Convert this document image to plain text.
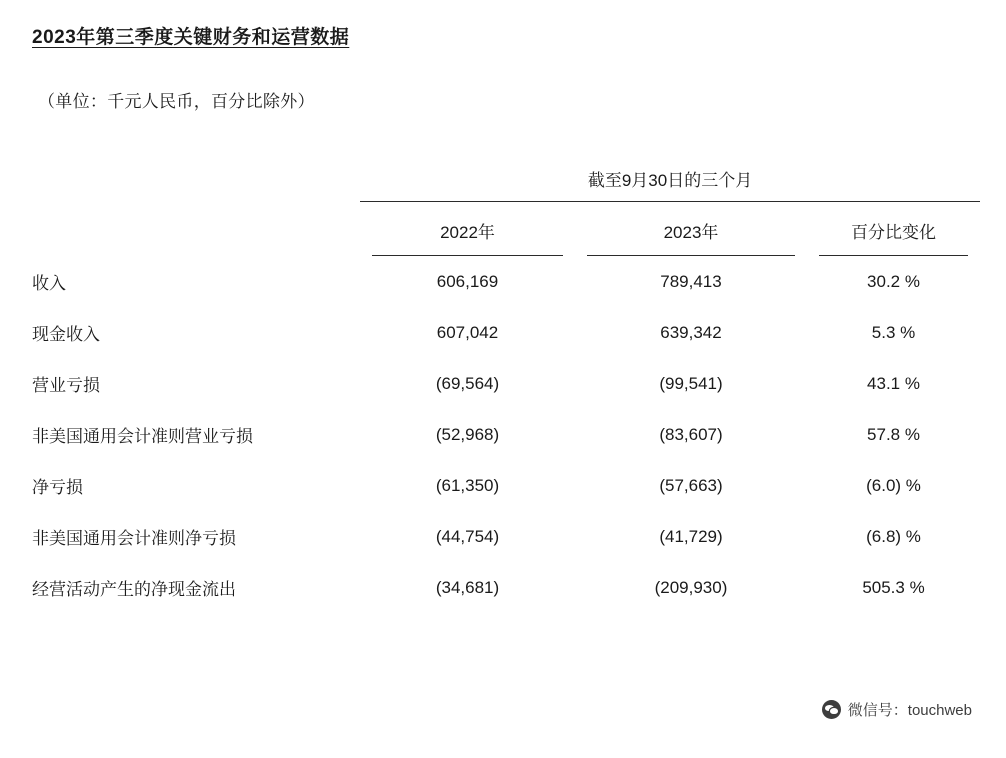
2023年第三季度关键财务和运营数据
（单位：千元人民币，百分比除外）
	截至9月30日的三个月		

	2022年	2023年	百分比变化

收入	606,169	789,413	30.2 %
现金收入	607,042	639,342	5.3 %
营业亏损	(69,564)	(99,541)	43.1 %
非美国通用会计准则营业亏损	(52,968)	(83,607)	57.8 %
净亏损	(61,350)	(57,663)	(6.0) %
非美国通用会计准则净亏损	(44,754)	(41,729)	(6.8) %
经营活动产生的净现金流出	(34,681)	(209,930)	505.3 %
微信号：touchweb
